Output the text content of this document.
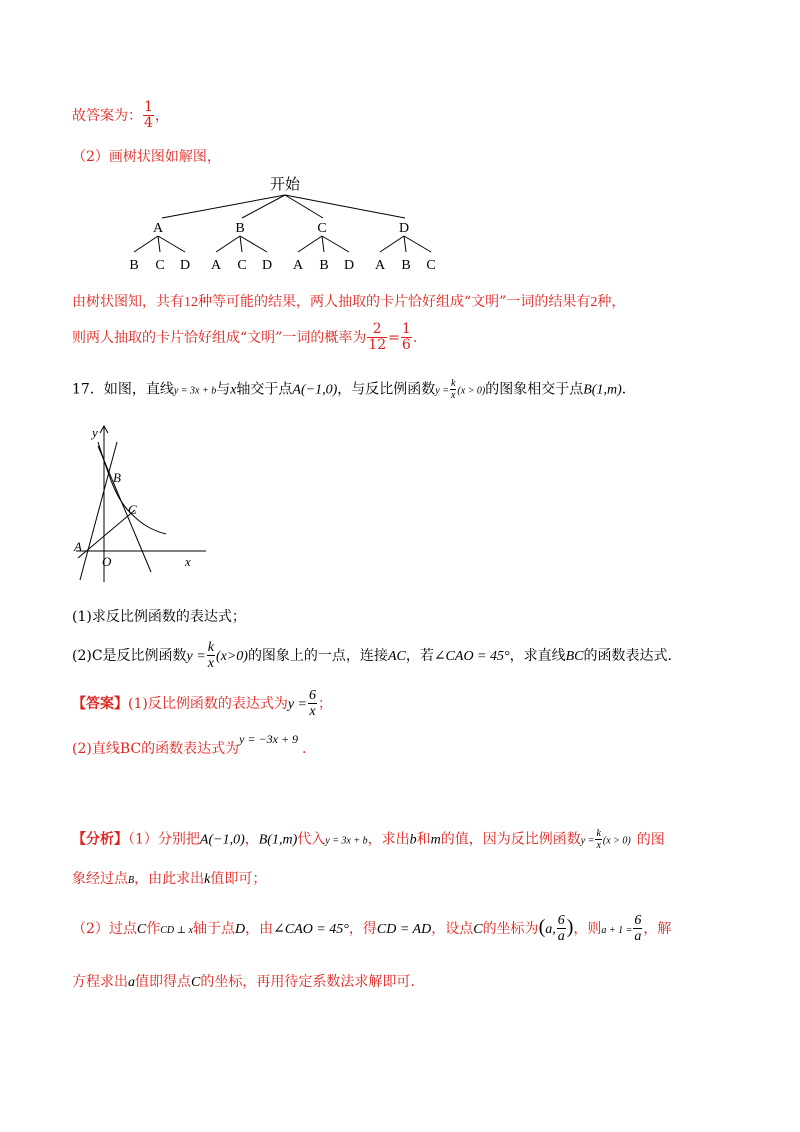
故答案为： $\frac{1}{4}$ ，
（2）画树状图如解图，
开始
A	B	C	D
B C D A C D A B D A B C
由树状图知，共有12种等可能的结果，两人抽取的卡片恰好组成“文明”一词的结果有2种，
则两人抽取的卡片恰好组成“文明”一词的概率为 $\frac{2}{12} = \frac{1}{6}$ .
17．如图，直线y = 3x + b与x轴交于点A(−1,0)，与反比例函数$y = \frac{k}{x} (x > 0)$的图象相交于点B(1,m).
y
x
O
A
B
C
(1)求反比例函数的表达式；
(2)C是反比例函数$y = \frac{k}{x} (x>0)$的图象上的一点，连接AC，若∠CAO = 45°，求直线BC的函数表达式.
【答案】(1)反比例函数的表达式为$y = \frac{6}{x}$ ；
(2)直线BC的函数表达式为y = −3x + 9.
【分析】（1）分别把A(−1,0)，B(1,m)代入y = 3x + b，求出b和m的值，因为反比例函数$y = \frac{k}{x} (x > 0)$ 的图
象经过点B，由此求出k值即可；
（2）过点C作CD ⊥ x轴于点D，由∠CAO = 45°，得CD = AD，设点C的坐标为(a, $\frac{6}{a}$ )，则$a + 1 = \frac{6}{a}$ ，解
方程求出a值即得点C的坐标，再用待定系数法求解即可.
